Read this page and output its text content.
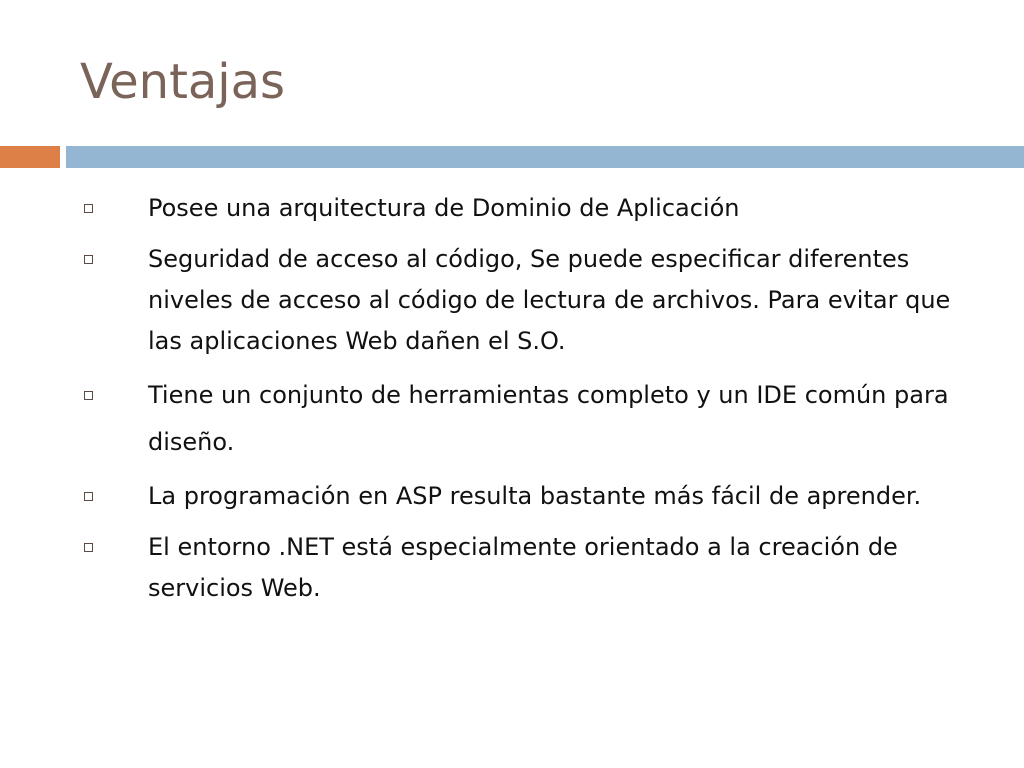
Ventajas
Posee una arquitectura de Dominio de Aplicación
Seguridad de acceso al código, Se puede especificar diferentes niveles de acceso al código de lectura de archivos. Para evitar que las aplicaciones Web dañen el S.O.
Tiene un conjunto de herramientas completo y un IDE común para diseño.
La programación en ASP resulta bastante más fácil de aprender.
El entorno .NET está especialmente orientado a la creación de servicios Web.
